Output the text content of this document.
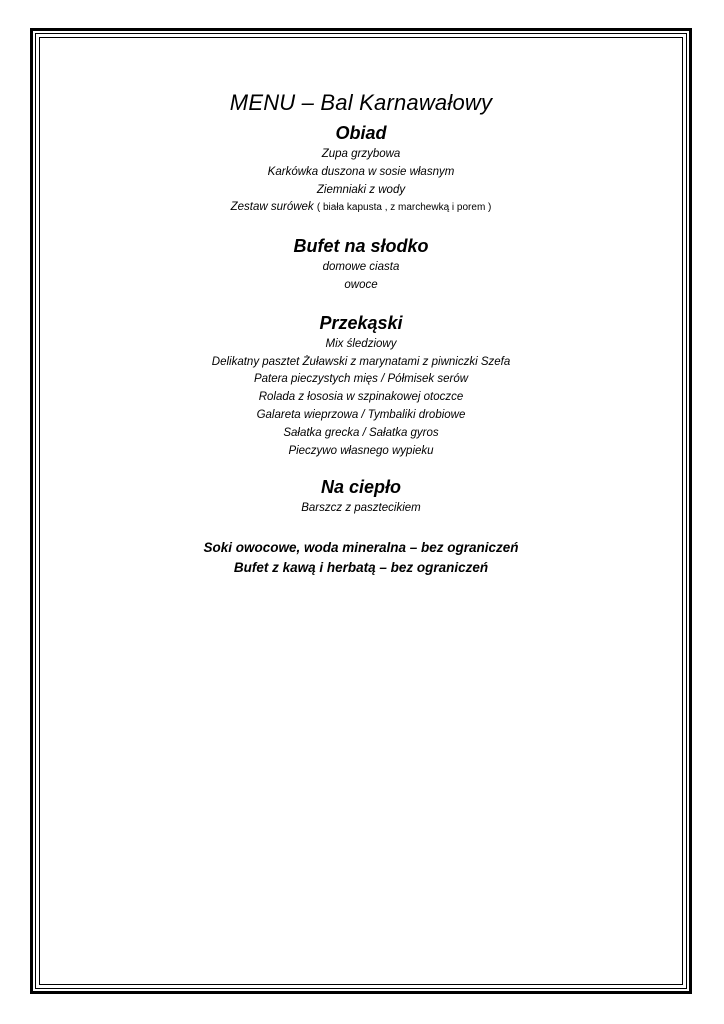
MENU – Bal Karnawałowy
Obiad

Zupa grzybowa

Karkówka duszona w sosie własnym

Ziemniaki z wody

Zestaw surówek ( biała kapusta , z marchewką i porem )

Bufet na słodko

domowe ciasta

owoce

Przekąski

Mix śledziowy

Delikatny pasztet Żuławski z marynatami z piwniczki Szefa

Patera pieczystych mięs / Półmisek serów

Rolada z łososia w szpinakowej otoczce

Galareta wieprzowa / Tymbaliki drobiowe

Sałatka grecka / Sałatka gyros

Pieczywo własnego wypieku

Na ciepło

Barszcz z pasztecikiem

Soki owocowe, woda mineralna – bez ograniczeń

Bufet z kawą i herbatą – bez ograniczeń
